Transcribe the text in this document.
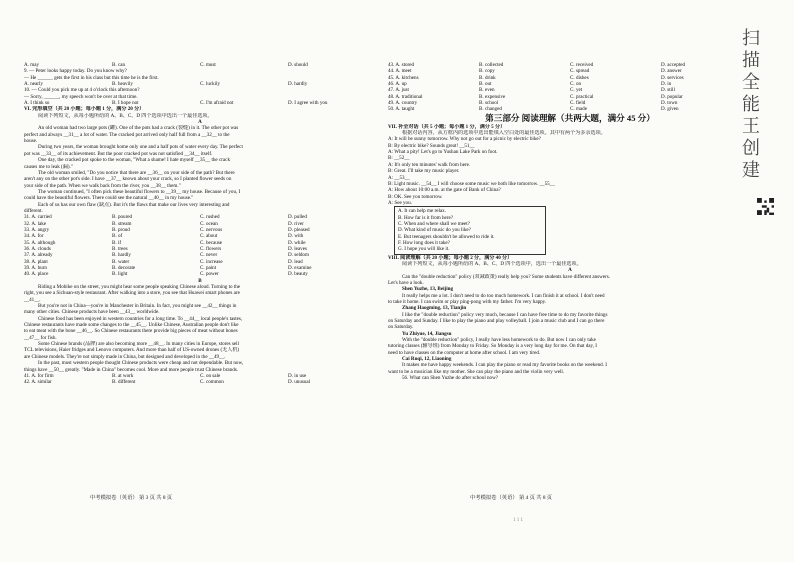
A. may	B. can	C. must	D. should
9. — Peter looks happy today. Do you know why?
— He ______ gets the first in his class but this time he is the first.
A. nearly	B. heavily	C. luckily	D. hardly
10. — Could you pick me up at 4 o'clock this afternoon?
— Sorry, ______, my speech won't be over at that time.
A. I think so	B. I hope not	C. I'm afraid not	D. I agree with you
VI. 完形填空（共 20 小题；每小题 1 分，满分 20 分）
阅读下列短文，从每小题所给的 A、B、C、D 四个选项中选出一个最佳选项。
A
An old woman had two large pots (罐). One of the pots had a crack (裂缝) in it. The other pot was
perfect and always __31__ a lot of water. The cracked pot arrived only half full from a __32__ to the
house.
During two years, the woman brought home only one and a half pots of water every day. The perfect
pot was __33__ of its achievement. But the poor cracked pot was not satisfied __34__ itself.
One day, the cracked pot spoke to the woman, "What a shame! I hate myself __35__ the crack
causes me to leak (漏)."
The old woman smiled, "Do you notice that there are __36__ on your side of the path? But there
aren't any on the other pot's side. I have __37__ known about your crack, so I planted flower seeds on
your side of the path. When we walk back from the river, you __38__ them."
The woman continued, "I often pick these beautiful flowers to __39__ my house. Because of you, I
could have the beautiful flowers. There could see the natural __40__ in my house."
Each of us has our own flaw (缺点). But it's the flaws that make our lives very interesting and
different.
31. A. carried	B. poured	C. rushed	D. pulled
32. A. lake	B. stream	C. ocean	D. river
33. A. angry	B. proud	C. nervous	D. pleased
34. A. for	B. of	C. about	D. with
35. A. although	B. if	C. because	D. while
36. A. clouds	B. trees	C. flowers	D. leaves
37. A. already	B. hardly	C. never	D. seldom
38. A. plant	B. water	C. increase	D. lead
39. A. burn	B. decorate	C. paint	D. examine
40. A. place	B. light	C. power	D. beauty
B
Riding a Mobike on the street, you might hear some people speaking Chinese aloud. Turning to the
right, you see a Sichuan-style restaurant. After walking into a store, you see that Huawei smart phones are
__41__.
But you're not in China—you're in Manchester in Britain. In fact, you might see __42__ things in
many other cities. Chinese products have been __43__ worldwide.
Chinese food has been enjoyed in western countries for a long time. To __44__ local people's tastes,
Chinese restaurants have made some changes to the __45__. Unlike Chinese, Australian people don't like
to eat meat with the bone __46__. So Chinese restaurants there provide big pieces of meat without bones
__47__ for fish.
Some Chinese brands (品牌) are also becoming more __48__. In many cities in Europe, stores sell
TCL televisions, Haier fridges and Lenovo computers. And more than half of US-owned drones (无人机)
are Chinese models. They're not simply made in China, but designed and developed in the __49__.
In the past, most western people thought Chinese products were cheap and not dependable. But now,
things have __50__ greatly. "Made in China" becomes cool. More and more people trust Chinese brands.
41. A. for firm	B. at work	C. on sale	D. in use
42. A. similar	B. different	C. common	D. unusual
中考模拟卷（英语） 第 3 页 共 8 页
43. A. stored	B. collected	C. received	D. accepted
44. A. meet	B. copy	C. spread	D. answer
45. A. kitchens	B. drink	C. dishes	D. services
46. A. up	B. out	C. on	D. in
47. A. just	B. even	C. yet	D. still
48. A. traditional	B. expensive	C. practical	D. popular
49. A. country	B. school	C. field	D. town
50. A. taught	B. changed	C. made	D. given
第三部分 阅读理解（共两大题，满分 45 分）
VII. 补全对话（共 5 小题；每小题 1 分，满分 5 分）
根据对话内容，从方框内的选项中选出能填入空白处的最佳选项。其中有两个为多余选项。
A: It will be sunny tomorrow. Why not go out for a picnic by electric bike?
B: By electric bike? Sounds great! __51__
A: What a pity! Let's go to Yushan Lake Park on foot.
B: __52__
A: It's only ten minutes' walk from here.
B: Great. I'll take my music player.
A: __53__
B: Light music. __54__ I will choose some music we both like tomorrow. __55__
A: How about 10:00 a.m. at the gate of Bank of China?
B: OK. See you tomorrow.
A: See you.
A. It can help me relax.
B. How far is it from here?
C. When and where shall we meet?
D. What kind of music do you like?
E. But teenagers shouldn't be allowed to ride it.
F. How long does it take?
G. I hope you will like it.
VIII. 阅读理解（共 20 小题；每小题 2 分，满分 40 分）
阅读下列短文，从每小题所给的 A、B、C、D 四个选项中，选出一个最佳选项。
A
Can the "double reduction" policy (双减政策) really help you? Some students have different answers.
Let's have a look.
Shen Yuzhe, 13, Beijing
It really helps me a lot. I don't need to do too much homework. I can finish it at school. I don't need
to take it home. I can swim or play ping-pong with my father. I'm very happy.
Zhang Haogming, 13, Tianjin
I like the "double reduction" policy very much, because I can have free time to do my favorite things
on Saturday and Sunday. I like to play the piano and play volleyball. I join a music club and I can go there
on Saturday.
Yu Zhiyue, 14, Jiangsu
With the "double reduction" policy, I really have less homework to do. But now I can only take
tutoring classes (辅导班) from Monday to Friday. So Monday is a very long day for me. On that day, I
need to have classes on the computer at home after school. I am very tired.
Cai Ruqi, 12, Liaoning
It makes me have happy weekends. I can play the piano or read my favorite books on the weekend. I
want to be a musician like my mother. She can play the piano and the violin very well.
56. What can Shen Yuzhe do after school now?
中考模拟卷（英语） 第 4 页 共 8 页
1 1 1
扫描全能王 创建
